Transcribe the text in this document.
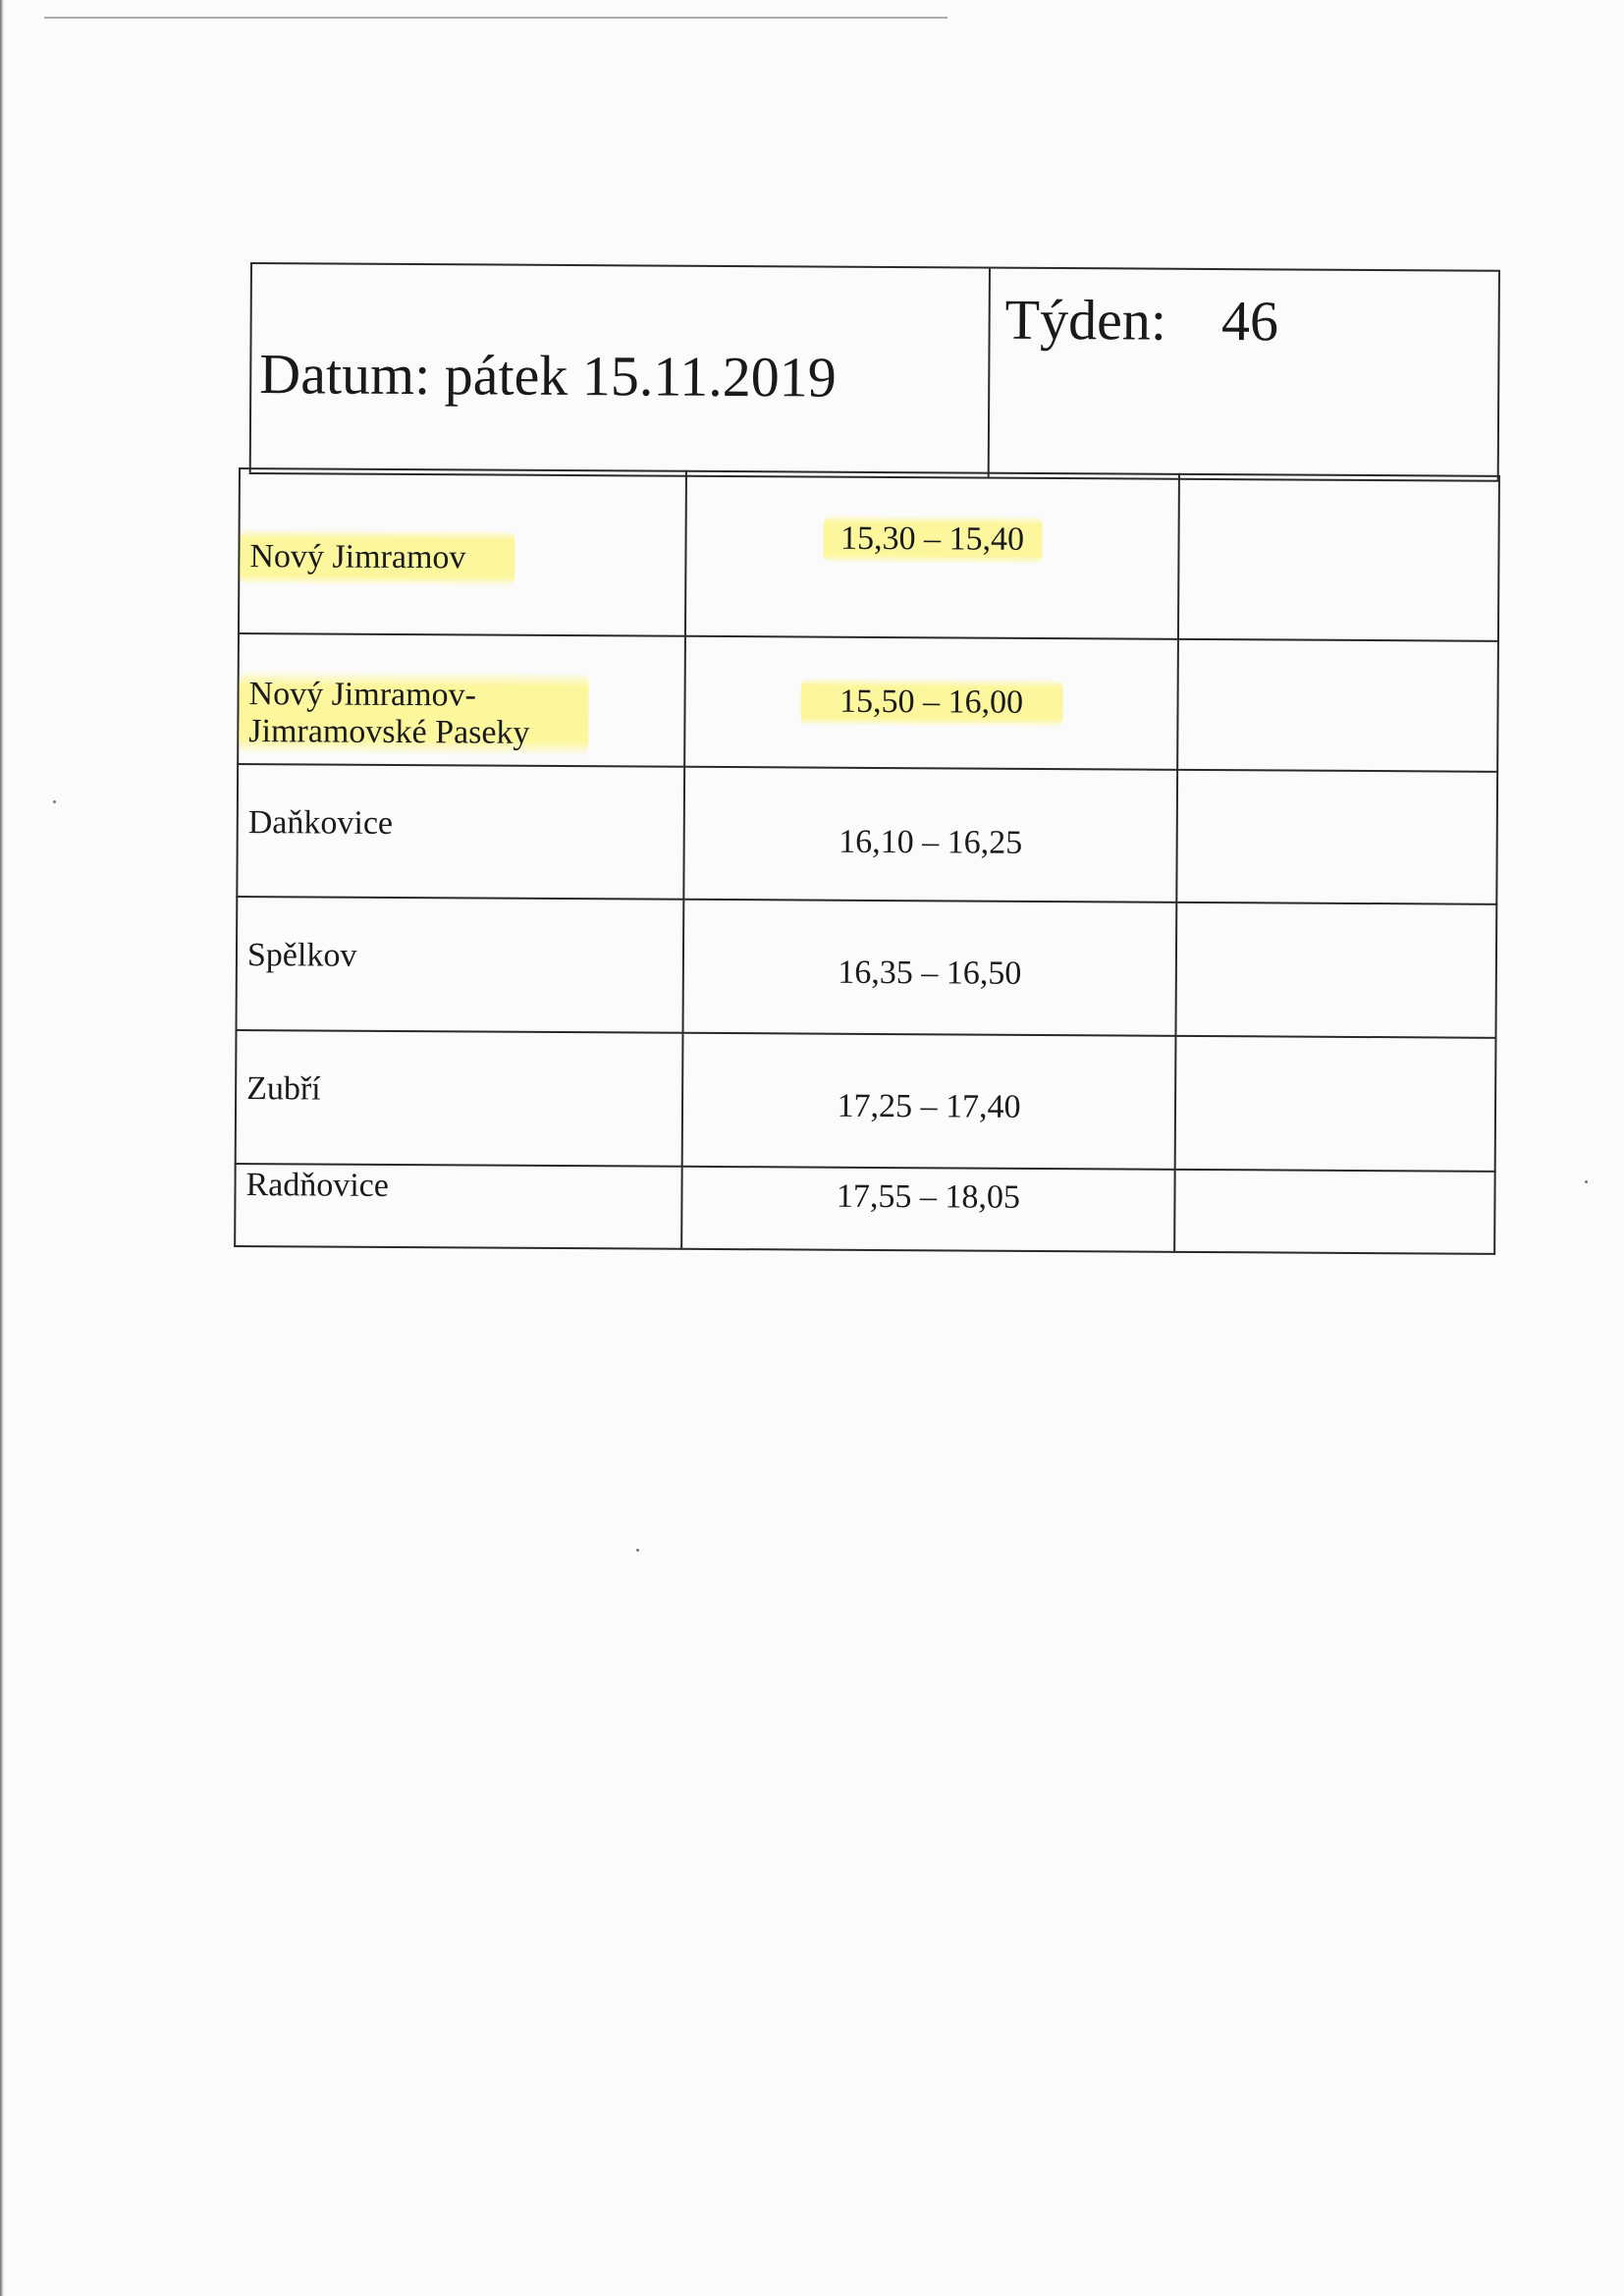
Datum: pátek 15.11.2019
Týden: 46
Nový Jimramov	15,30 – 15,40	
Nový Jimramov-
Jimramovské Paseky	15,50 – 16,00	
Daňkovice	16,10 – 16,25	
Spělkov	16,35 – 16,50	
Zubří	17,25 – 17,40	
Radňovice	17,55 – 18,05	
